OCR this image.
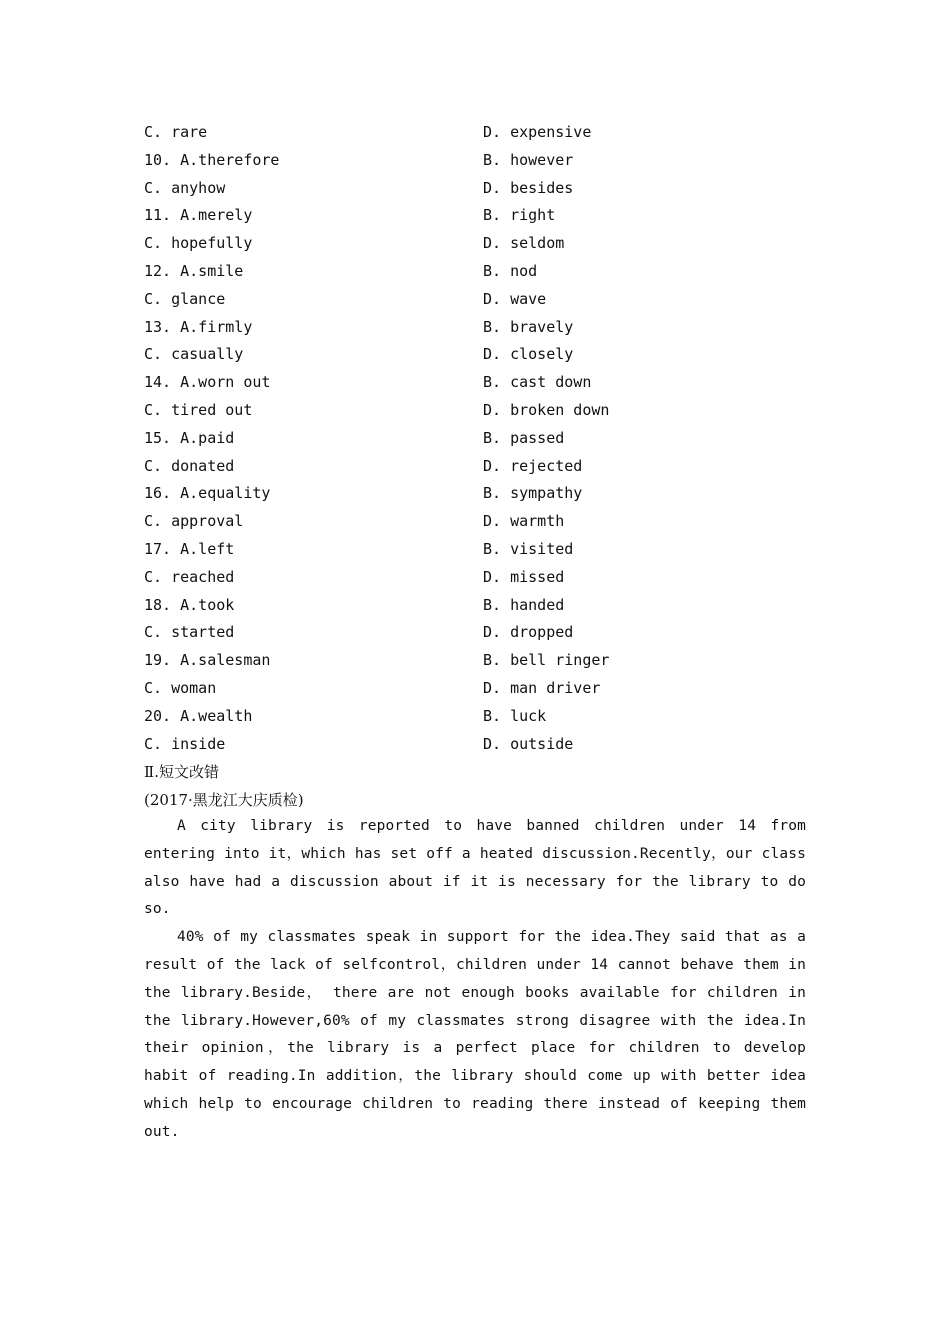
C. rare	D. expensive
10. A.therefore	B. however
C. anyhow	D. besides
11. A.merely	B. right
C. hopefully	D. seldom
12. A.smile	B. nod
C. glance	D. wave
13. A.firmly	B. bravely
C. casually	D. closely
14. A.worn out	B. cast down
C. tired out	D. broken down
15. A.paid	B. passed
C. donated	D. rejected
16. A.equality	B. sympathy
C. approval	D. warmth
17. A.left	B. visited
C. reached	D. missed
18. A.took	B. handed
C. started	D. dropped
19. A.salesman	B. bell ringer
C. woman	D. man driver
20. A.wealth	B. luck
C. inside	D. outside
Ⅱ.短文改错
(2017·黑龙江大庆质检)

A city library is reported to have banned children under 14 from entering into it，which has set off a heated discussion.Recently，our class also have had a discussion about if it is necessary for the library to do so.

40% of my classmates speak in support for the idea.They said that as a result of the lack of selfcontrol，children under 14 cannot behave them in the library.Beside， there are not enough books available for children in the library.However,60% of my classmates strong disagree with the idea.In their opinion，the library is a perfect place for children to develop habit of reading.In addition，the library should come up with better idea which help to encourage children to reading there instead of keeping them out.
